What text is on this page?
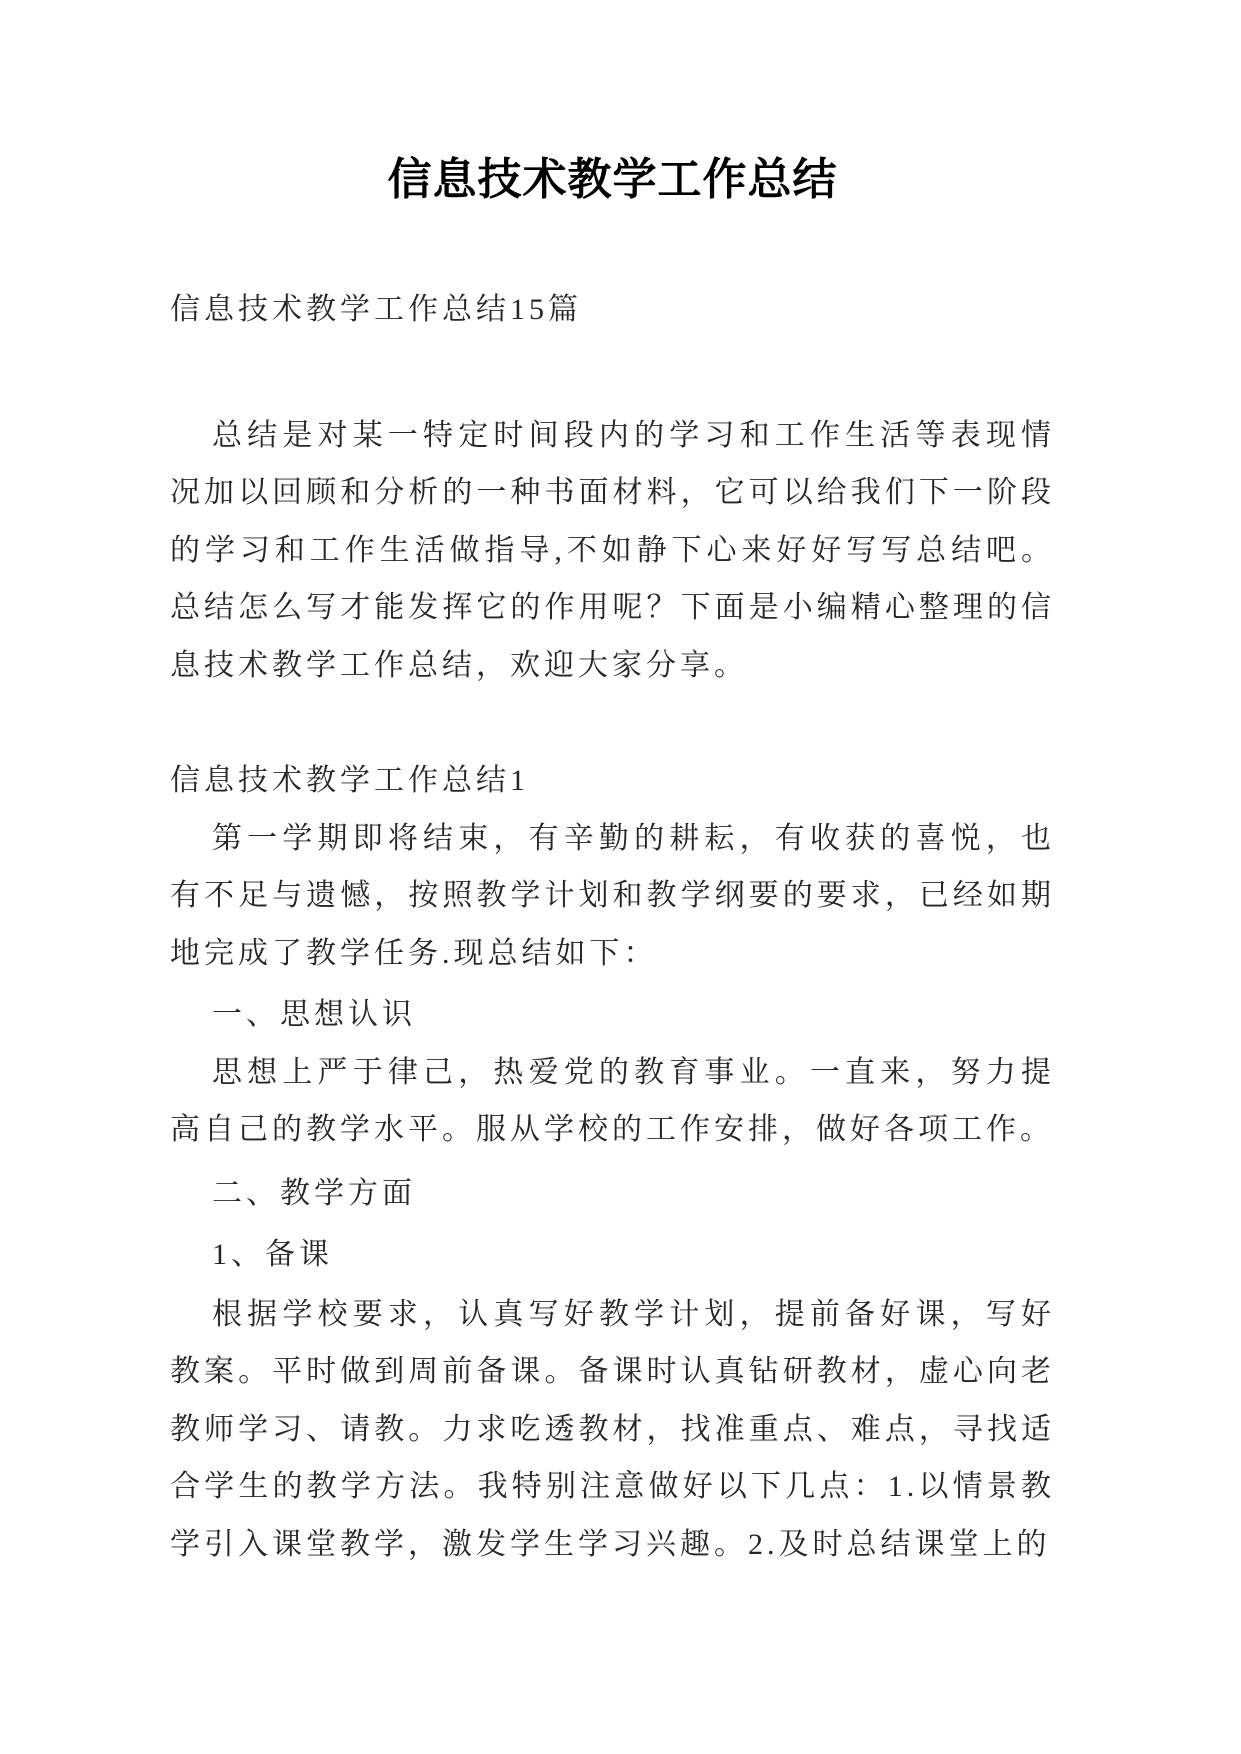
信息技术教学工作总结

信息技术教学工作总结15篇

总结是对某一特定时间段内的学习和工作生活等表现情况加以回顾和分析的一种书面材料，它可以给我们下一阶段的学习和工作生活做指导,不如静下心来好好写写总结吧。总结怎么写才能发挥它的作用呢？下面是小编精心整理的信息技术教学工作总结，欢迎大家分享。

信息技术教学工作总结1

第一学期即将结束，有辛勤的耕耘，有收获的喜悦，也有不足与遗憾，按照教学计划和教学纲要的要求，已经如期地完成了教学任务.现总结如下：

一、思想认识

思想上严于律己，热爱党的教育事业。一直来，努力提高自己的教学水平。服从学校的工作安排，做好各项工作。

二、教学方面

1、备课

根据学校要求，认真写好教学计划，提前备好课，写好教案。平时做到周前备课。备课时认真钻研教材，虚心向老教师学习、请教。力求吃透教材，找准重点、难点，寻找适合学生的教学方法。我特别注意做好以下几点：1.以情景教学引入课堂教学，激发学生学习兴趣。2.及时总结课堂上的
